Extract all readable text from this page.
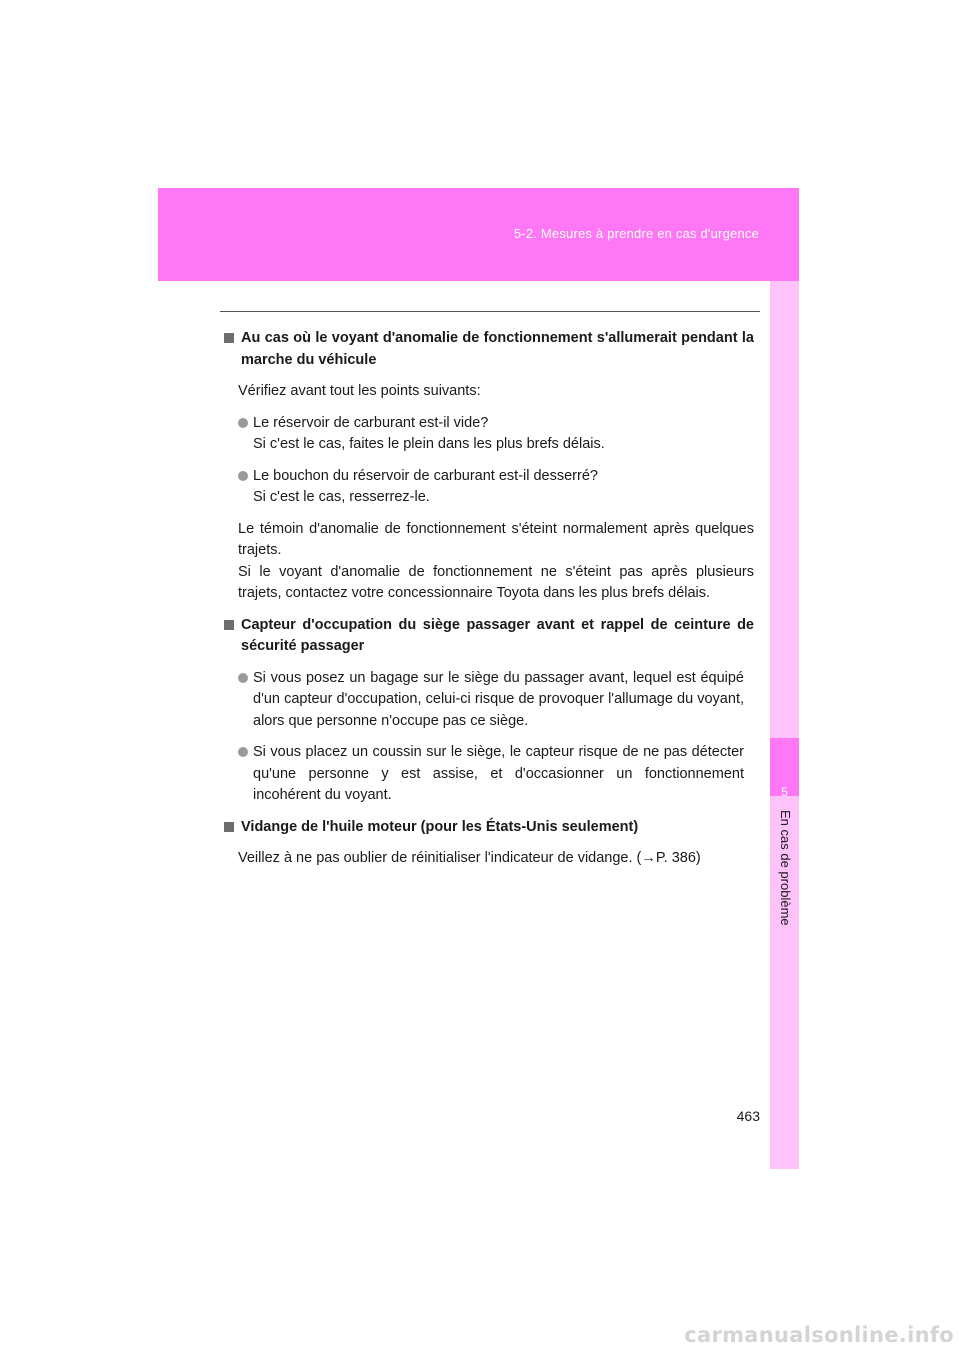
5-2. Mesures à prendre en cas d'urgence
5
En cas de problème
Au cas où le voyant d'anomalie de fonctionnement s'allumerait pendant la marche du véhicule

Vérifiez avant tout les points suivants:

Le réservoir de carburant est-il vide?
Si c'est le cas, faites le plein dans les plus brefs délais.
Le bouchon du réservoir de carburant est-il desserré?
Si c'est le cas, resserrez-le.

Le témoin d'anomalie de fonctionnement s'éteint normalement après quelques trajets.

Si le voyant d'anomalie de fonctionnement ne s'éteint pas après plusieurs trajets, contactez votre concessionnaire Toyota dans les plus brefs délais.

Capteur d'occupation du siège passager avant et rappel de ceinture de sécurité passager
Si vous posez un bagage sur le siège du passager avant, lequel est équipé d'un capteur d'occupation, celui-ci risque de provoquer l'allumage du voyant, alors que personne n'occupe pas ce siège.
Si vous placez un coussin sur le siège, le capteur risque de ne pas détecter qu'une personne y est assise, et d'occasionner un fonctionnement incohérent du voyant.
Vidange de l'huile moteur (pour les États-Unis seulement)

Veillez à ne pas oublier de réinitialiser l'indicateur de vidange. (→P. 386)

463
carmanualsonline.info
